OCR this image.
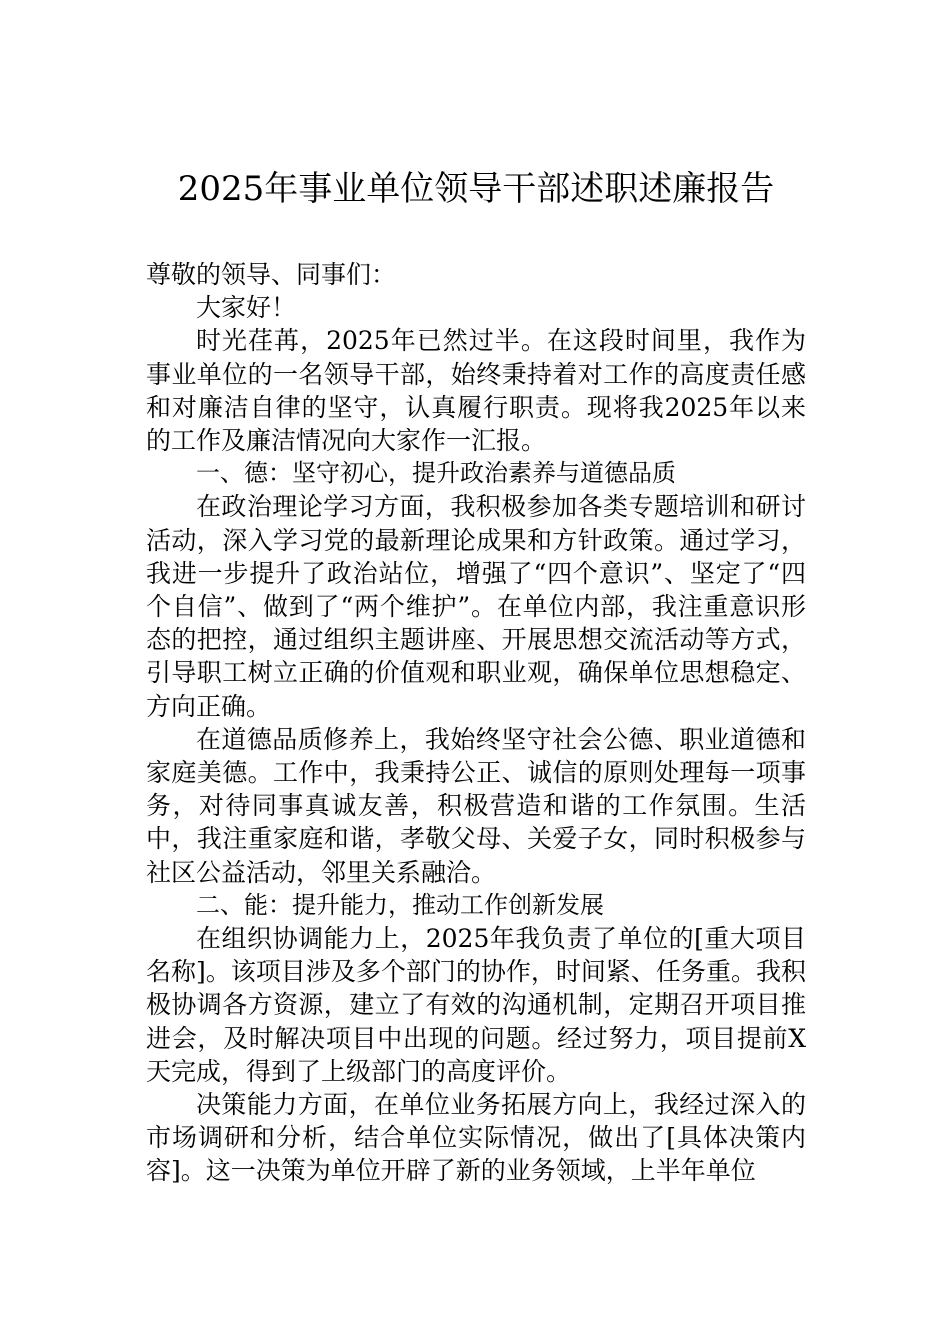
2025年事业单位领导干部述职述廉报告

尊敬的领导、同事们：

大家好！

时光荏苒，2025年已然过半。在这段时间里，我作为事业单位的一名领导干部，始终秉持着对工作的高度责任感和对廉洁自律的坚守，认真履行职责。现将我2025年以来的工作及廉洁情况向大家作一汇报。

一、德：坚守初心，提升政治素养与道德品质

在政治理论学习方面，我积极参加各类专题培训和研讨活动，深入学习党的最新理论成果和方针政策。通过学习，我进一步提升了政治站位，增强了“四个意识”、坚定了“四个自信”、做到了“两个维护”。在单位内部，我注重意识形态的把控，通过组织主题讲座、开展思想交流活动等方式，引导职工树立正确的价值观和职业观，确保单位思想稳定、方向正确。

在道德品质修养上，我始终坚守社会公德、职业道德和家庭美德。工作中，我秉持公正、诚信的原则处理每一项事务，对待同事真诚友善，积极营造和谐的工作氛围。生活中，我注重家庭和谐，孝敬父母、关爱子女，同时积极参与社区公益活动，邻里关系融洽。

二、能：提升能力，推动工作创新发展

在组织协调能力上，2025年我负责了单位的[重大项目名称]。该项目涉及多个部门的协作，时间紧、任务重。我积极协调各方资源，建立了有效的沟通机制，定期召开项目推进会，及时解决项目中出现的问题。经过努力，项目提前X天完成，得到了上级部门的高度评价。

决策能力方面，在单位业务拓展方向上，我经过深入的市场调研和分析，结合单位实际情况，做出了[具体决策内容]。这一决策为单位开辟了新的业务领域，上半年单位
